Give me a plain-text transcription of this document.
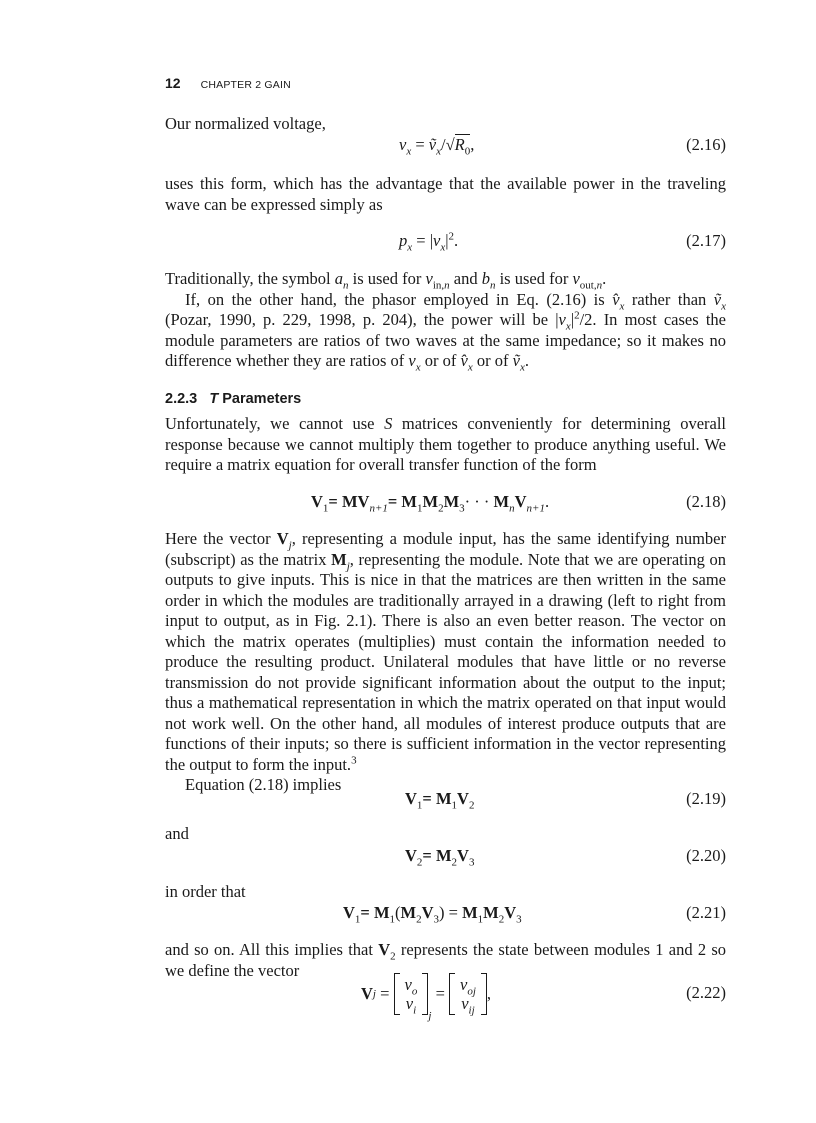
12 CHAPTER 2 GAIN

Our normalized voltage,

$v_x$ = $ṽ_x/√R_0$,	(2.16)

uses this form, which has the advantage that the available power in the traveling wave can be expressed simply as

$p_x = |v_x|^2$.	(2.17)

Traditionally, the symbol $a_n$ is used for $v_{in,n}$ and $b_n$ is used for $v_{out,n}$.

If, on the other hand, the phasor employed in Eq. (2.16) is $v̂_x$ rather than ṽ$_x$ (Pozar, 1990, p. 229, 1998, p. 204), the power will be $|v_x|^2/2$. In most cases the module parameters are ratios of two waves at the same impedance; so it makes no difference whether they are ratios of $v_x$ or of $v̂_x$ or of ṽ$_x$.

2.2.3 T Parameters

Unfortunately, we cannot use S matrices conveniently for determining overall response because we cannot multiply them together to produce anything useful. We require a matrix equation for overall transfer function of the form

$V_1= MV_{n+1}= M_1M_2M_3\cdot$ · · $M_nV_{n+1}$.	(2.18)

Here the vector $V_j$, representing a module input, has the same identifying number (subscript) as the matrix $M_j$, representing the module. Note that we are operating on outputs to give inputs. This is nice in that the matrices are then written in the same order in which the modules are traditionally arrayed in a drawing (left to right from input to output, as in Fig. 2.1). There is also an even better reason. The vector on which the matrix operates (multiplies) must contain the information needed to produce the resulting product. Unilateral modules that have little or no reverse transmission do not provide significant information about the output to the input; thus a mathematical representation in which the matrix operated on that input would not work well. On the other hand, all modules of interest produce outputs that are functions of their inputs; so there is sufficient information in the vector representing the output to form the input.$^3$

Equation (2.18) implies

$V_1= M_1V_2$	(2.19)

and

$V_2= M_2V_3$	(2.20)

in order that

$V_1= M_1(M_2V_3) = M_1M_2V_3$	(2.21)

and so on. All this implies that $V_2$ represents the state between modules 1 and 2 so we define the vector

V $j = v_o$
$v_i$ j
= $v_{oj}$
$v_{ij}$
,	(2.22)
